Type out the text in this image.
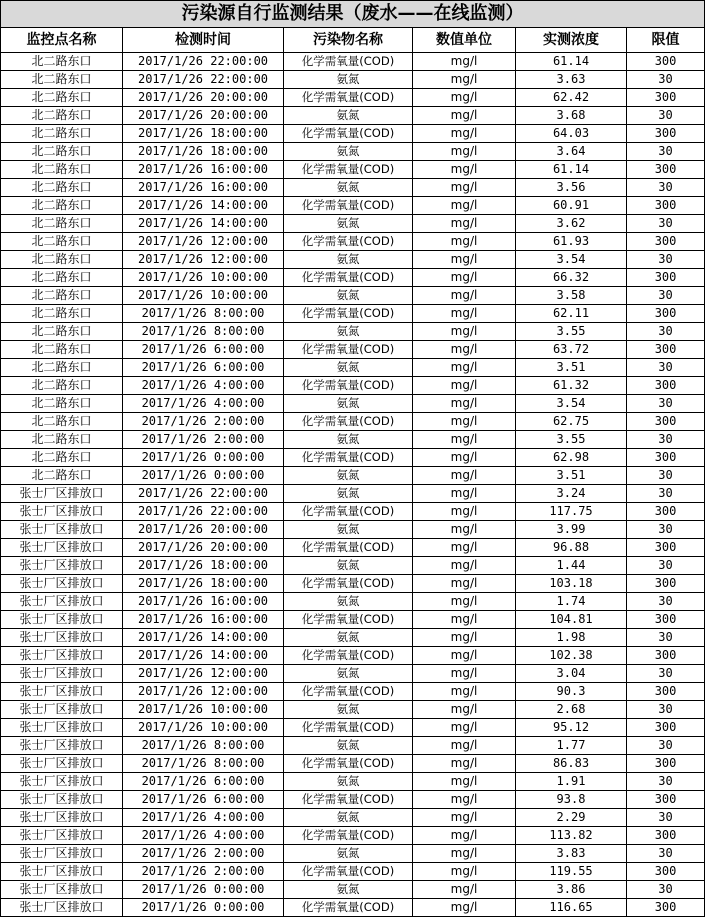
污染源自行监测结果（废水——在线监测）					
监控点名称	检测时间	污染物名称	数值单位	实测浓度	限值
北二路东口	2017/1/26 22:00:00	化学需氧量(COD)	mg/l	61.14	300
北二路东口	2017/1/26 22:00:00	氨氮	mg/l	3.63	30
北二路东口	2017/1/26 20:00:00	化学需氧量(COD)	mg/l	62.42	300
北二路东口	2017/1/26 20:00:00	氨氮	mg/l	3.68	30
北二路东口	2017/1/26 18:00:00	化学需氧量(COD)	mg/l	64.03	300
北二路东口	2017/1/26 18:00:00	氨氮	mg/l	3.64	30
北二路东口	2017/1/26 16:00:00	化学需氧量(COD)	mg/l	61.14	300
北二路东口	2017/1/26 16:00:00	氨氮	mg/l	3.56	30
北二路东口	2017/1/26 14:00:00	化学需氧量(COD)	mg/l	60.91	300
北二路东口	2017/1/26 14:00:00	氨氮	mg/l	3.62	30
北二路东口	2017/1/26 12:00:00	化学需氧量(COD)	mg/l	61.93	300
北二路东口	2017/1/26 12:00:00	氨氮	mg/l	3.54	30
北二路东口	2017/1/26 10:00:00	化学需氧量(COD)	mg/l	66.32	300
北二路东口	2017/1/26 10:00:00	氨氮	mg/l	3.58	30
北二路东口	2017/1/26 8:00:00	化学需氧量(COD)	mg/l	62.11	300
北二路东口	2017/1/26 8:00:00	氨氮	mg/l	3.55	30
北二路东口	2017/1/26 6:00:00	化学需氧量(COD)	mg/l	63.72	300
北二路东口	2017/1/26 6:00:00	氨氮	mg/l	3.51	30
北二路东口	2017/1/26 4:00:00	化学需氧量(COD)	mg/l	61.32	300
北二路东口	2017/1/26 4:00:00	氨氮	mg/l	3.54	30
北二路东口	2017/1/26 2:00:00	化学需氧量(COD)	mg/l	62.75	300
北二路东口	2017/1/26 2:00:00	氨氮	mg/l	3.55	30
北二路东口	2017/1/26 0:00:00	化学需氧量(COD)	mg/l	62.98	300
北二路东口	2017/1/26 0:00:00	氨氮	mg/l	3.51	30
张士厂区排放口	2017/1/26 22:00:00	氨氮	mg/l	3.24	30
张士厂区排放口	2017/1/26 22:00:00	化学需氧量(COD)	mg/l	117.75	300
张士厂区排放口	2017/1/26 20:00:00	氨氮	mg/l	3.99	30
张士厂区排放口	2017/1/26 20:00:00	化学需氧量(COD)	mg/l	96.88	300
张士厂区排放口	2017/1/26 18:00:00	氨氮	mg/l	1.44	30
张士厂区排放口	2017/1/26 18:00:00	化学需氧量(COD)	mg/l	103.18	300
张士厂区排放口	2017/1/26 16:00:00	氨氮	mg/l	1.74	30
张士厂区排放口	2017/1/26 16:00:00	化学需氧量(COD)	mg/l	104.81	300
张士厂区排放口	2017/1/26 14:00:00	氨氮	mg/l	1.98	30
张士厂区排放口	2017/1/26 14:00:00	化学需氧量(COD)	mg/l	102.38	300
张士厂区排放口	2017/1/26 12:00:00	氨氮	mg/l	3.04	30
张士厂区排放口	2017/1/26 12:00:00	化学需氧量(COD)	mg/l	90.3	300
张士厂区排放口	2017/1/26 10:00:00	氨氮	mg/l	2.68	30
张士厂区排放口	2017/1/26 10:00:00	化学需氧量(COD)	mg/l	95.12	300
张士厂区排放口	2017/1/26 8:00:00	氨氮	mg/l	1.77	30
张士厂区排放口	2017/1/26 8:00:00	化学需氧量(COD)	mg/l	86.83	300
张士厂区排放口	2017/1/26 6:00:00	氨氮	mg/l	1.91	30
张士厂区排放口	2017/1/26 6:00:00	化学需氧量(COD)	mg/l	93.8	300
张士厂区排放口	2017/1/26 4:00:00	氨氮	mg/l	2.29	30
张士厂区排放口	2017/1/26 4:00:00	化学需氧量(COD)	mg/l	113.82	300
张士厂区排放口	2017/1/26 2:00:00	氨氮	mg/l	3.83	30
张士厂区排放口	2017/1/26 2:00:00	化学需氧量(COD)	mg/l	119.55	300
张士厂区排放口	2017/1/26 0:00:00	氨氮	mg/l	3.86	30
张士厂区排放口	2017/1/26 0:00:00	化学需氧量(COD)	mg/l	116.65	300
